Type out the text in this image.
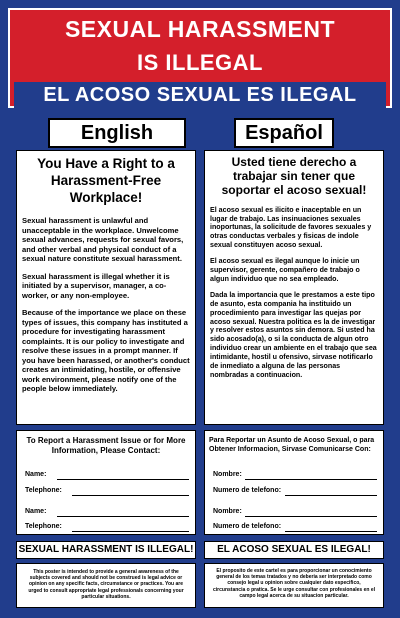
SEXUAL HARASSMENT
IS ILLEGAL
EL ACOSO SEXUAL ES ILEGAL
English	Español
You Have a Right to a Harassment-Free Workplace!
Sexual harassment is unlawful and unacceptable in the workplace. Unwelcome sexual advances, requests for sexual favors, and other verbal and physical conduct of a sexual nature constitute sexual harassment.
Sexual harassment is illegal whether it is initiated by a supervisor, manager, a co-worker, or any non-employee.
Because of the importance we place on these types of issues, this company has instituted a procedure for investigating harassment complaints. It is our policy to investigate and resolve these issues in a prompt manner. If you have been harassed, or another's conduct creates an intimidating, hostile, or offensive work environment, please notify one of the people below immediately.
Usted tiene derecho a trabajar sin tener que soportar el acoso sexual!
El acoso sexual es ilicito e inaceptable en un lugar de trabajo. Las insinuaciones sexuales inoportunas, la solicitude de favores sexuales y otras conductas verbales y fisicas de indole sexual constituyen acoso sexual.
El acoso sexual es ilegal aunque lo inicie un supervisor, gerente, compañero de trabajo o algun individuo que no sea empleado.
Dada la importancia que le prestamos a este tipo de asunto, esta compania ha instituido un procedimiento para investigar las quejas por acoso sexual. Nuestra politica es la de investigar y resolver estos asuntos sin demora. Si usted ha sido acosado(a), o si la conducta de algun otro individuo crear un ambiente en el trabajo que sea intimidante, hostil u ofensivo, sirvase notificarlo de inmediato a alguna de las personas nombradas a continuacion.
To Report a Harassment Issue or for More Information, Please Contact:
Name:
Telephone:
Name:
Telephone:
Para Reportar un Asunto de Acoso Sexual, o para Obtener Informacion, Sirvase Comunicarse Con:
Nombre:
Numero de telefono:
Nombre:
Numero de telefono:
SEXUAL HARASSMENT IS ILLEGAL!	EL ACOSO SEXUAL ES ILEGAL!
This poster is intended to provide a general awareness of the subjects covered and should not be construed is legal advice or opinion on any specific facts, circumstance or practices. You are urged to consult appropriate legal professionals concerning your particular situations.
El proposito de este cartel es para proporcionar un conocimiento general de los temas tratados y no deberia ser interpretado como consejo legal u opinion sobre cualquier dato especifico, circunstancia o pratica. Se le urge consultar con profesionales en el campo legal acerca de su situacion particular.
